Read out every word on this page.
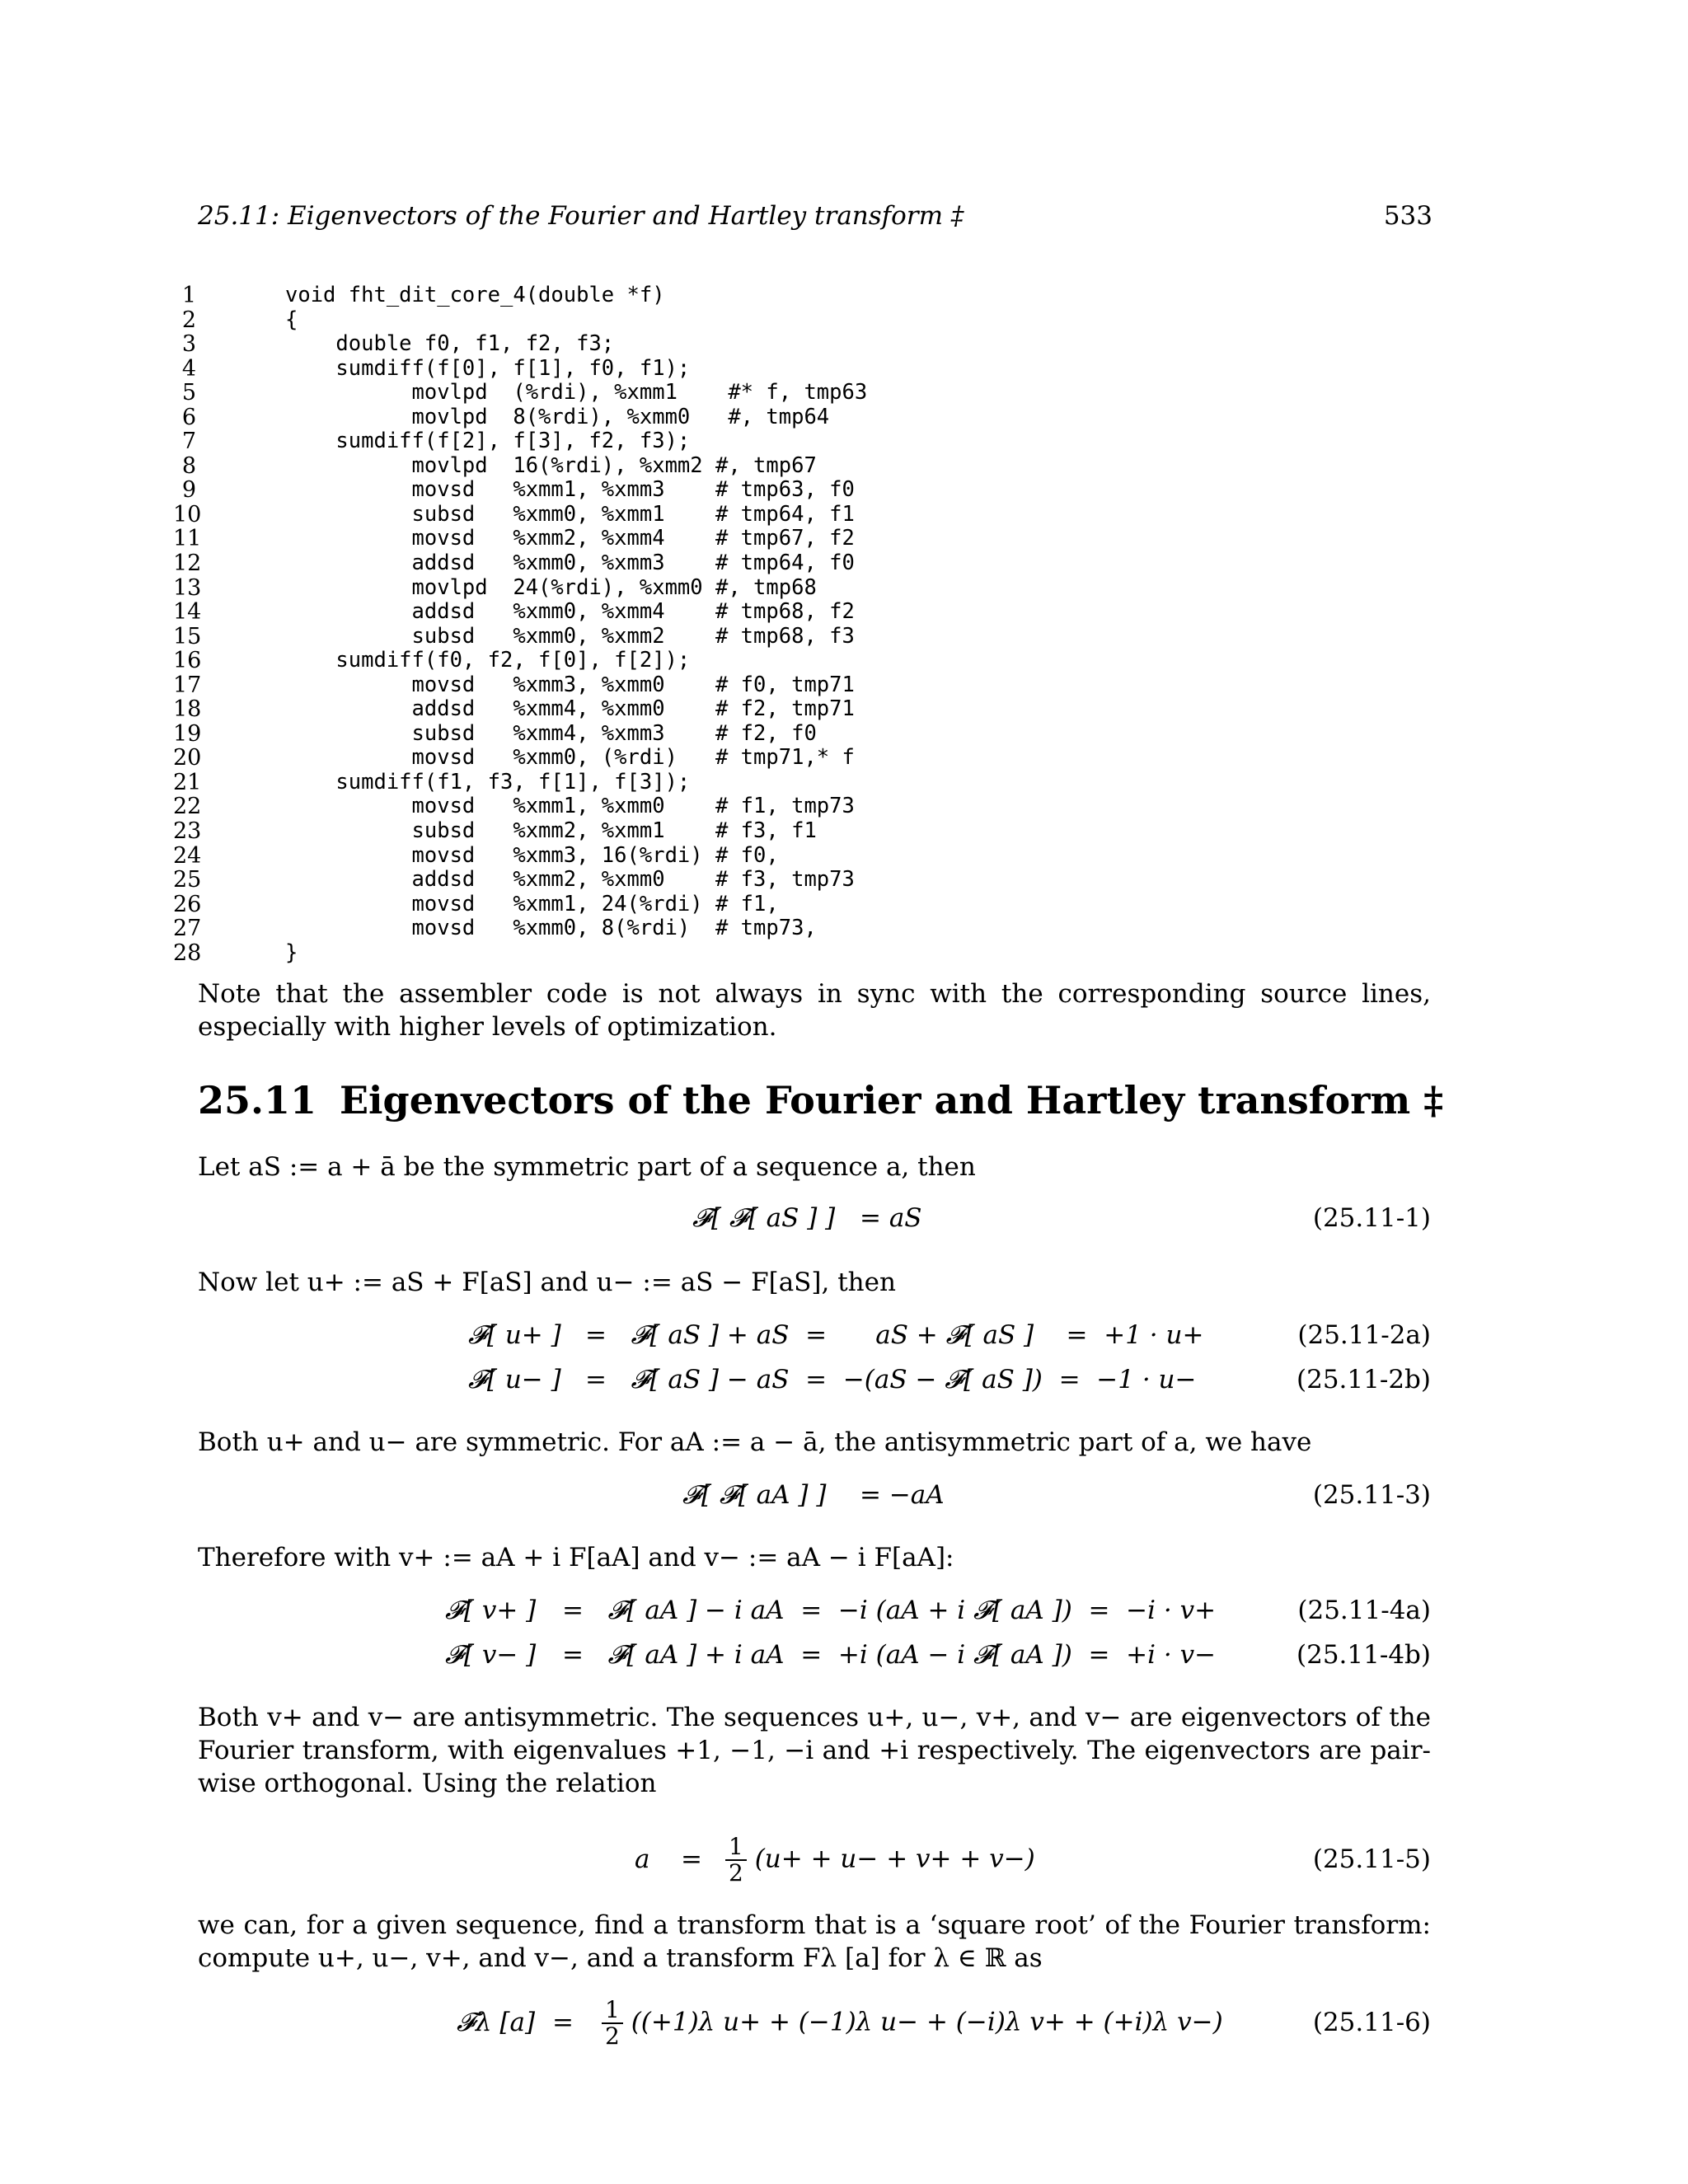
25.11: Eigenvectors of the Fourier and Hartley transform ‡	533
1	void fht_dit_core_4(double *f)
2	{
3	double f0, f1, f2, f3;
4	sumdiff(f[0], f[1], f0, f1);
5	movlpd  (%rdi), %xmm1    #* f, tmp63
6	movlpd  8(%rdi), %xmm0   #, tmp64
7	sumdiff(f[2], f[3], f2, f3);
8	movlpd  16(%rdi), %xmm2 #, tmp67
9	movsd   %xmm1, %xmm3    # tmp63, f0
10	subsd   %xmm0, %xmm1    # tmp64, f1
11	movsd   %xmm2, %xmm4    # tmp67, f2
12	addsd   %xmm0, %xmm3    # tmp64, f0
13	movlpd  24(%rdi), %xmm0 #, tmp68
14	addsd   %xmm0, %xmm4    # tmp68, f2
15	subsd   %xmm0, %xmm2    # tmp68, f3
16	sumdiff(f0, f2, f[0], f[2]);
17	movsd   %xmm3, %xmm0    # f0, tmp71
18	addsd   %xmm4, %xmm0    # f2, tmp71
19	subsd   %xmm4, %xmm3    # f2, f0
20	movsd   %xmm0, (%rdi)   # tmp71,* f
21	sumdiff(f1, f3, f[1], f[3]);
22	movsd   %xmm1, %xmm0    # f1, tmp73
23	subsd   %xmm2, %xmm1    # f3, f1
24	movsd   %xmm3, 16(%rdi) # f0,
25	addsd   %xmm2, %xmm0    # f3, tmp73
26	movsd   %xmm1, 24(%rdi) # f1,
27	movsd   %xmm0, 8(%rdi)  # tmp73,
28	}
Note that the assembler code is not always in sync with the corresponding source lines, especially with higher levels of optimization.
25.11 Eigenvectors of the Fourier and Hartley transform ‡
Let aS := a + ā be the symmetric part of a sequence a, then
𝓕[ 𝓕[ aS ] ] = aS	(25.11-1)
Now let u+ := aS + F[aS] and u− := aS − F[aS], then
𝓕[ u+ ] =   𝓕[ aS ] + aS  =      aS + 𝓕[ aS ]    =  +1 · u+	(25.11-2a)
𝓕[ u− ] =   𝓕[ aS ] − aS  =  −(aS − 𝓕[ aS ])  =  −1 · u−	(25.11-2b)
Both u+ and u− are symmetric. For aA := a − ā, the antisymmetric part of a, we have
𝓕[ 𝓕[ aA ] ] = −aA	(25.11-3)
Therefore with v+ := aA + i F[aA] and v− := aA − i F[aA]:
𝓕[ v+ ] =   𝓕[ aA ] − i aA  =  −i (aA + i 𝓕[ aA ])  =  −i · v+	(25.11-4a)
𝓕[ v− ] =   𝓕[ aA ] + i aA  =  +i (aA − i 𝓕[ aA ])  =  +i · v−	(25.11-4b)
Both v+ and v− are antisymmetric. The sequences u+, u−, v+, and v− are eigenvectors of the Fourier transform, with eigenvalues +1, −1, −i and +i respectively. The eigenvectors are pair-wise orthogonal. Using the relation
$a = \frac{1}{2} (u+ + u- + v+ + v-)$	(25.11-5)
we can, for a given sequence, find a transform that is a ‘square root’ of the Fourier transform: compute u+, u−, v+, and v−, and a transform Fλ [a] for λ ∈ ℝ as
𝓕λ $[a] = \frac{1}{2} ((+1)\lambda$ u+ + (−1)λ u− + (−i)λ v+ + (+i)λ v−)	(25.11-6)
